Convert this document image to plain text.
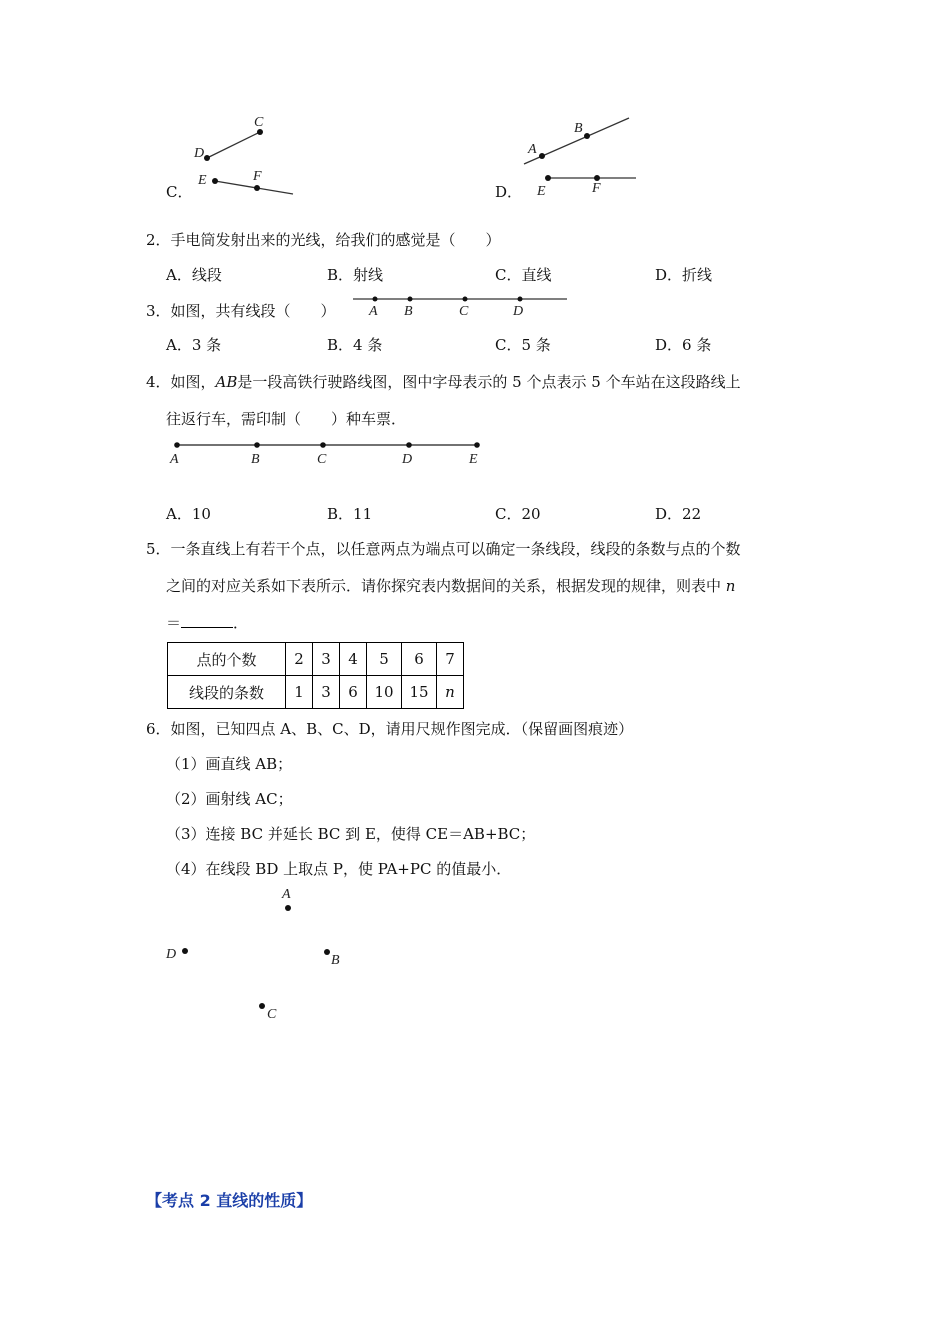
C．
C
D
E	F
D．
A
B
E	F
2．手电筒发射出来的光线，给我们的感觉是（　　）
A．线段	B．射线	C．直线	D．折线
3．如图，共有线段（　　） A B	C	D
A．3 条	B．4 条	C．5 条	D．6 条
4．如图，AB是一段高铁行驶路线图，图中字母表示的 5 个点表示 5 个车站在这段路线上
往返行车，需印制（　　）种车票．
A	B	C	D	E
A．10	B．11	C．20	D．22
5．一条直线上有若干个点，以任意两点为端点可以确定一条线段，线段的条数与点的个数
之间的对应关系如下表所示．请你探究表内数据间的关系，根据发现的规律，则表中 n
＝	．
点的个数	2	3	4	5	6	7
线段的条数	1	3	6	10	15	n
6．如图，已知四点 A、B、C、D，请用尺规作图完成．（保留画图痕迹）
（1）画直线 AB；
（2）画射线 AC；
（3）连接 BC 并延长 BC 到 E，使得 CE＝AB+BC；
（4）在线段 BD 上取点 P，使 PA+PC 的值最小．
A
B
D
C
【考点 2 直线的性质】
